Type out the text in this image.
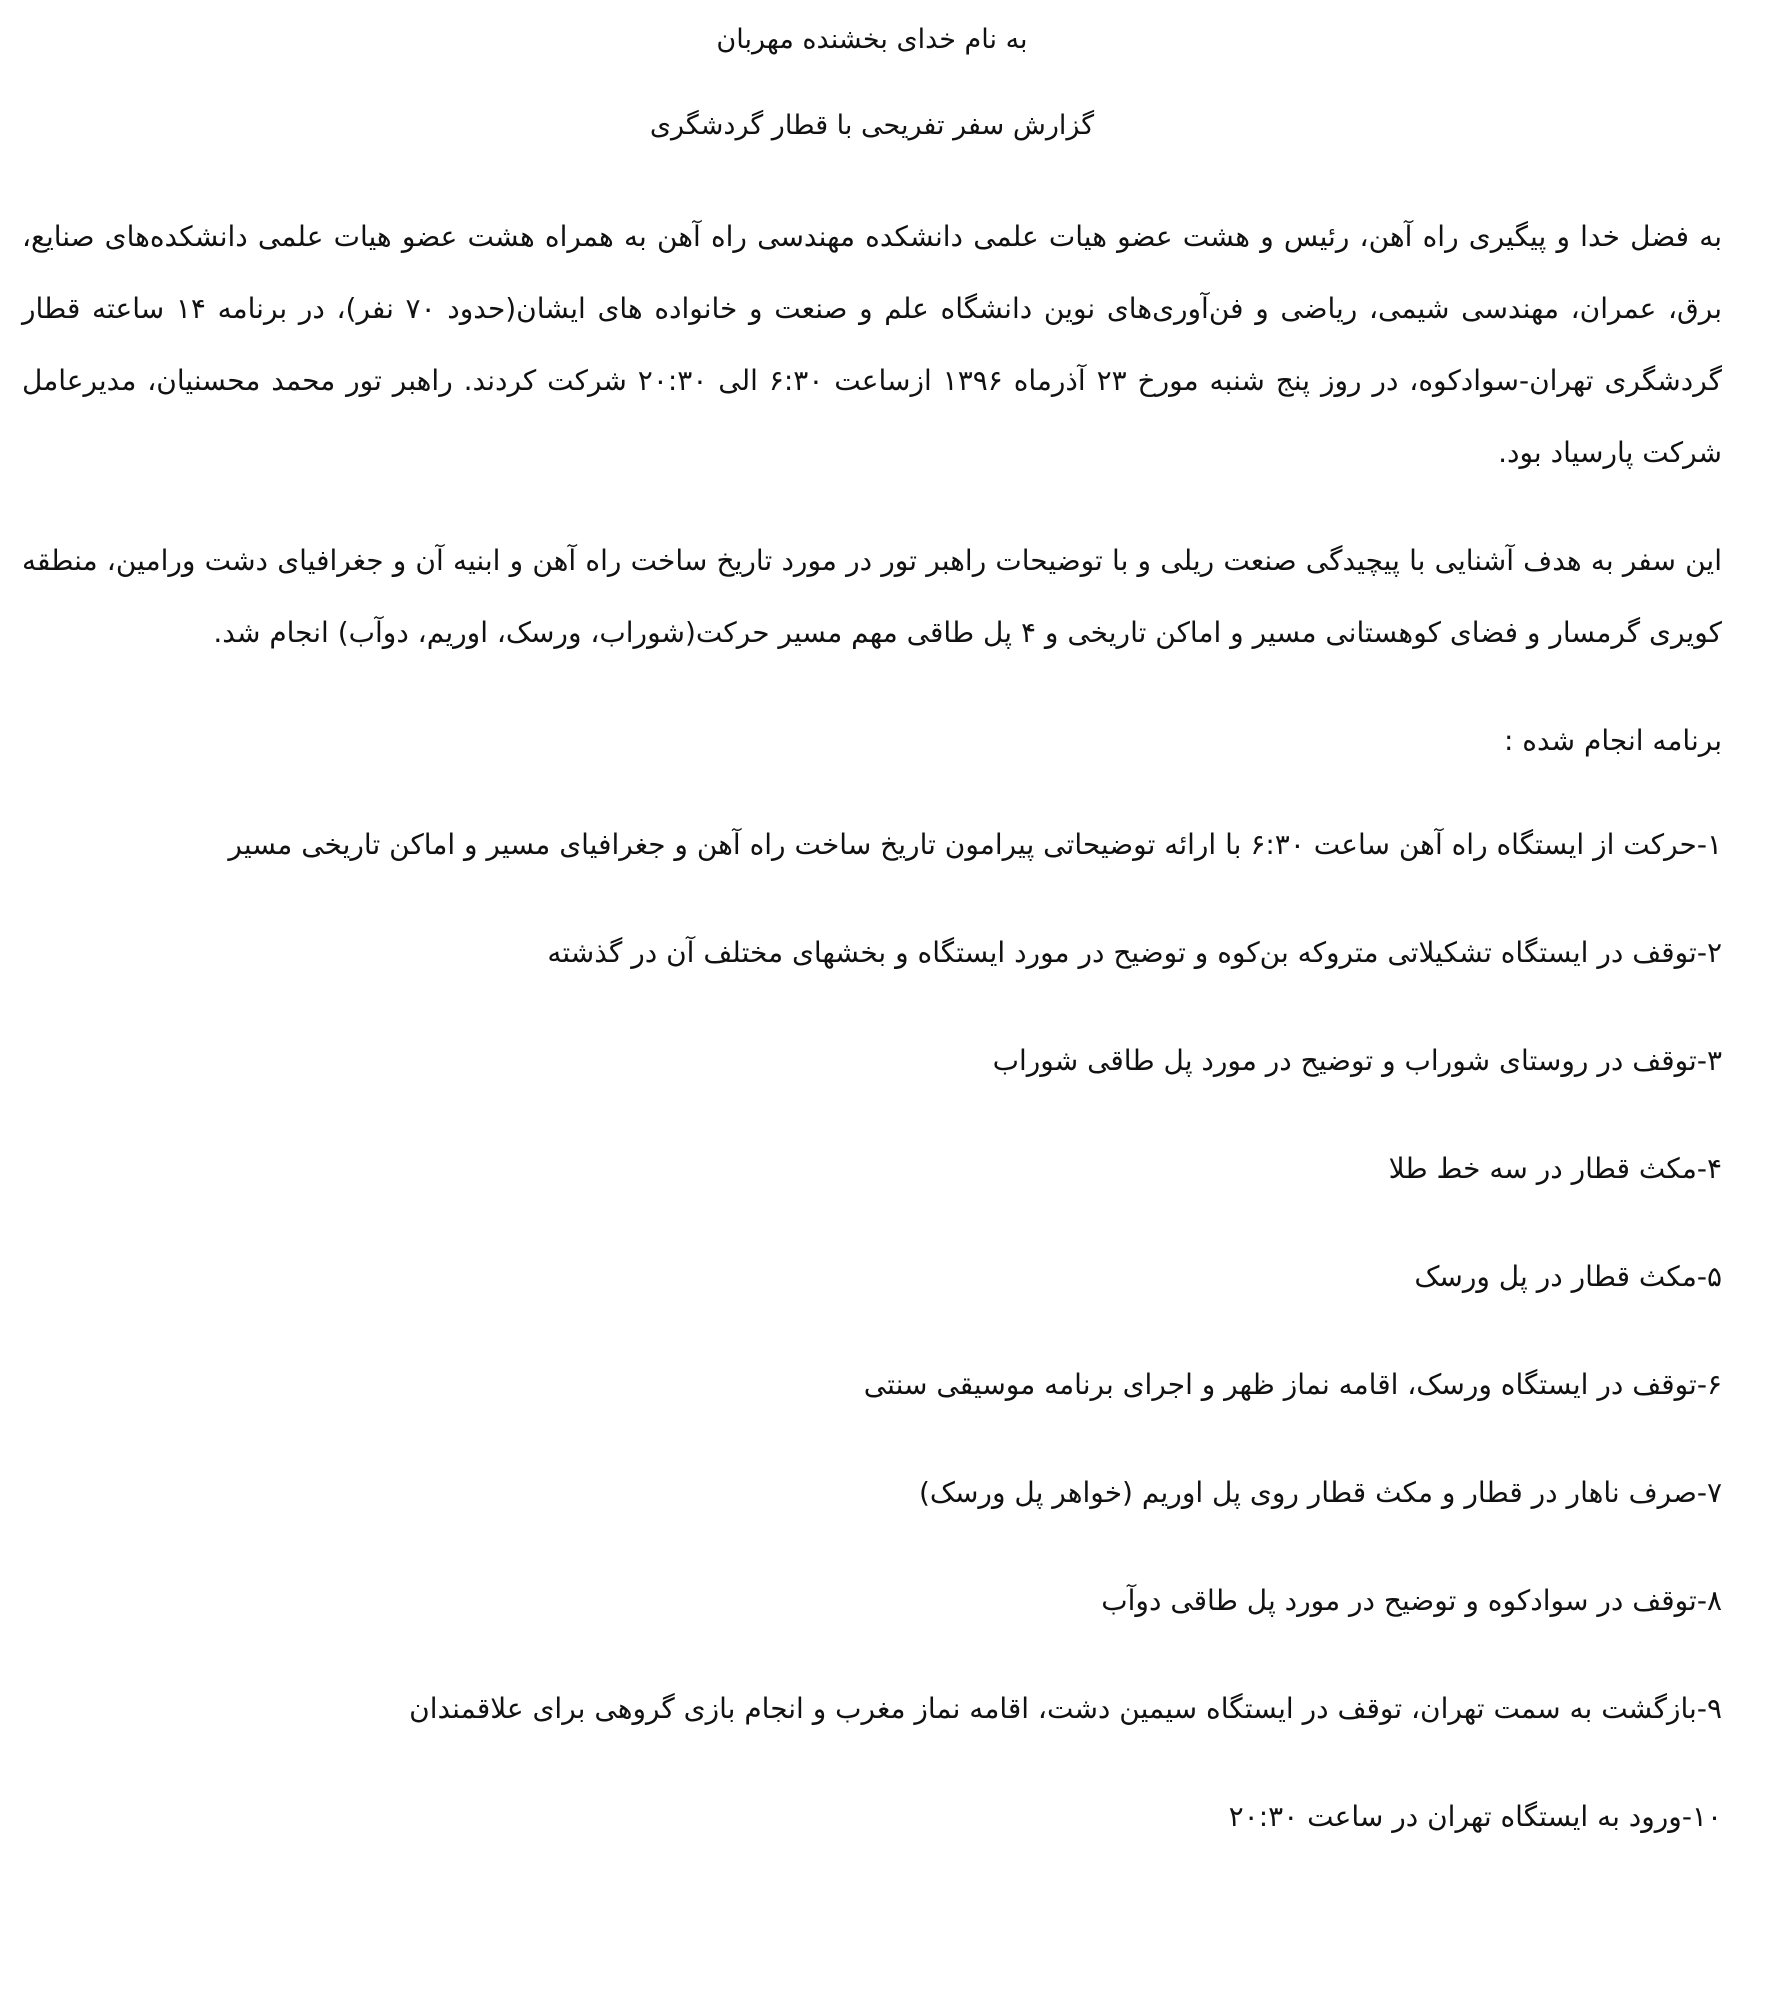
به نام خدای بخشنده مهربان

گزارش سفر تفریحی با قطار گردشگری

به فضل خدا و پیگیری راه آهن، رئیس و هشت عضو هیات علمی دانشکده مهندسی راه آهن به همراه هشت عضو هیات علمی دانشکده‌های صنایع، برق، عمران، مهندسی شیمی، ریاضی و فن‌آوری‌های نوین دانشگاه علم و صنعت و خانواده های ایشان(حدود ۷۰ نفر)، در برنامه ۱۴ ساعته قطار گردشگری تهران-سوادکوه، در روز پنج شنبه مورخ ۲۳ آذرماه ۱۳۹۶ ازساعت ۶:۳۰ الی ۲۰:۳۰ شرکت کردند. راهبر تور محمد محسنیان، مدیرعامل شرکت پارسیاد بود.

این سفر به هدف آشنایی با پیچیدگی صنعت ریلی و با توضیحات راهبر تور در مورد تاریخ ساخت راه آهن و ابنیه آن و جغرافیای دشت ورامین، منطقه کویری گرمسار و فضای کوهستانی مسیر و اماکن تاریخی و ۴ پل طاقی مهم مسیر حرکت(شوراب، ورسک، اوریم، دوآب) انجام شد.

برنامه انجام شده :

۱-حرکت از ایستگاه راه آهن ساعت ۶:۳۰ با ارائه توضیحاتی پیرامون تاریخ ساخت راه آهن و جغرافیای مسیر و اماکن تاریخی مسیر
۲-توقف در ایستگاه تشکیلاتی متروکه بن‌کوه و توضیح در مورد ایستگاه و بخشهای مختلف آن در گذشته
۳-توقف در روستای شوراب و توضیح در مورد پل طاقی شوراب
۴-مکث قطار در سه خط طلا
۵-مکث قطار در پل ورسک
۶-توقف در ایستگاه ورسک، اقامه نماز ظهر و اجرای برنامه موسیقی سنتی
۷-صرف ناهار در قطار و مکث قطار روی پل اوریم (خواهر پل ورسک)
۸-توقف در سوادکوه و توضیح در مورد پل طاقی دوآب
۹-بازگشت به سمت تهران، توقف در ایستگاه سیمین دشت، اقامه نماز مغرب و انجام بازی گروهی برای علاقمندان
۱۰-ورود به ایستگاه تهران در ساعت ۲۰:۳۰
